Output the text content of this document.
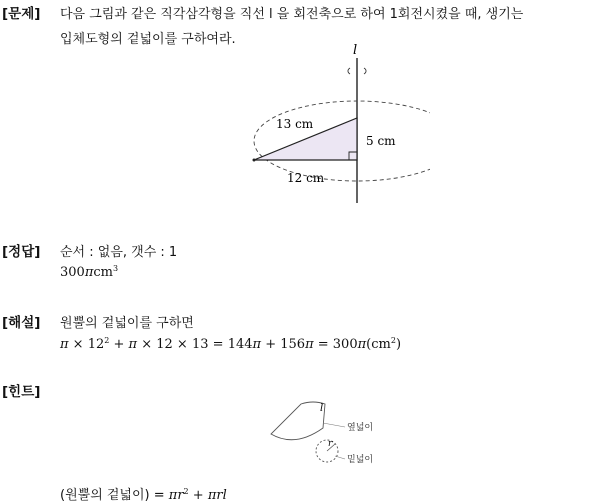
[문제] 다음 그림과 같은 직각삼각형을 직선 l 을 회전축으로 하여 1회전시켰을 때, 생기는
입체도형의 겉넓이를 구하여라.
l
13 cm
5 cm
12 cm
[정답] 순서 : 없음, 갯수 : 1
300πcm$^3$
[해설] 원뿔의 겉넓이를 구하면
$\pi \times 12^2 + \pi \times 12 \times 13 = 144\pi + 156\pi = 300\pi(cm^2)$
[힌트]
l
r
옆넓이
밑넓이
(원뿔의 겉넓이) = $\pi r^2 + \pi rl$
